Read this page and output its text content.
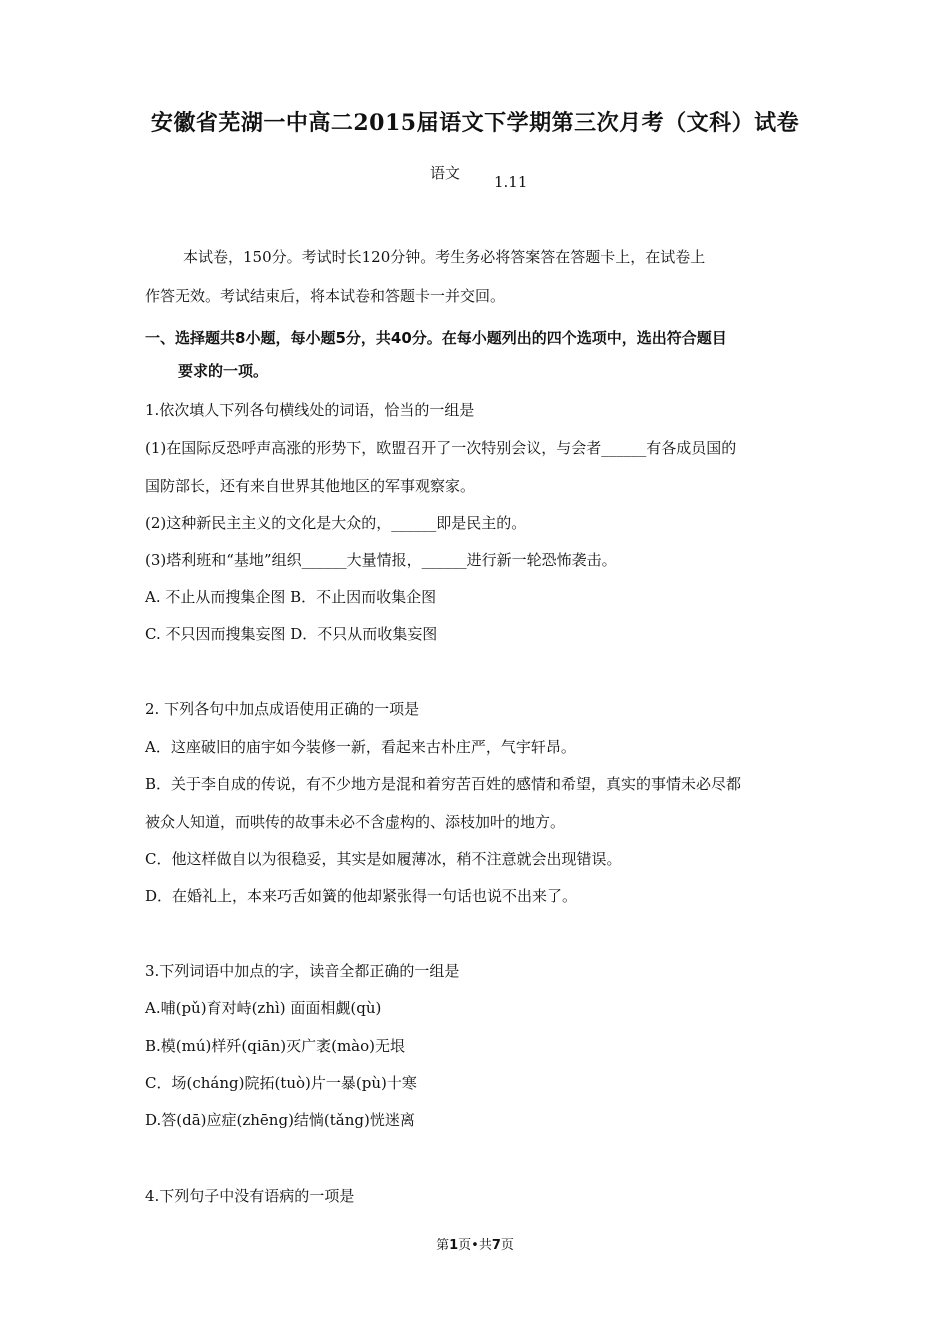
安徽省芜湖一中高二2015届语文下学期第三次月考（文科）试卷
语文 1.11
本试卷，150分。考试时长120分钟。考生务必将答案答在答题卡上，在试卷上
作答无效。考试结束后，将本试卷和答题卡一并交回。
一、选择题共8小题，每小题5分，共40分。在每小题列出的四个选项中，选出符合题目
要求的一项。
1.依次填人下列各句横线处的词语，恰当的一组是
(1)在国际反恐呼声高涨的形势下，欧盟召开了一次特别会议，与会者______有各成员国的
国防部长，还有来自世界其他地区的军事观察家。
(2)这种新民主主义的文化是大众的，______即是民主的。
(3)塔利班和“基地”组织______大量情报，______进行新一轮恐怖袭击。
A. 不止从而搜集企图 B．不止因而收集企图
C. 不只因而搜集妄图 D．不只从而收集妄图
2. 下列各句中加点成语使用正确的一项是
A．这座破旧的庙宇如今装修一新，看起来古朴庄严，气宇轩昂。
B．关于李自成的传说，有不少地方是混和着穷苦百姓的感情和希望，真实的事情未必尽都
被众人知道，而哄传的故事未必不含虚构的、添枝加叶的地方。
C．他这样做自以为很稳妥，其实是如履薄冰，稍不注意就会出现错误。
D．在婚礼上，本来巧舌如簧的他却紧张得一句话也说不出来了。
3.下列词语中加点的字，读音全都正确的一组是
A.哺(pǔ)育对峙(zhì) 面面相觑(qù)
B.模(mú)样歼(qiān)灭广袤(mào)无垠
C．场(cháng)院拓(tuò)片一暴(pù)十寒
D.答(dā)应症(zhēng)结惝(tǎng)恍迷离
4.下列句子中没有语病的一项是
第1页•共7页
